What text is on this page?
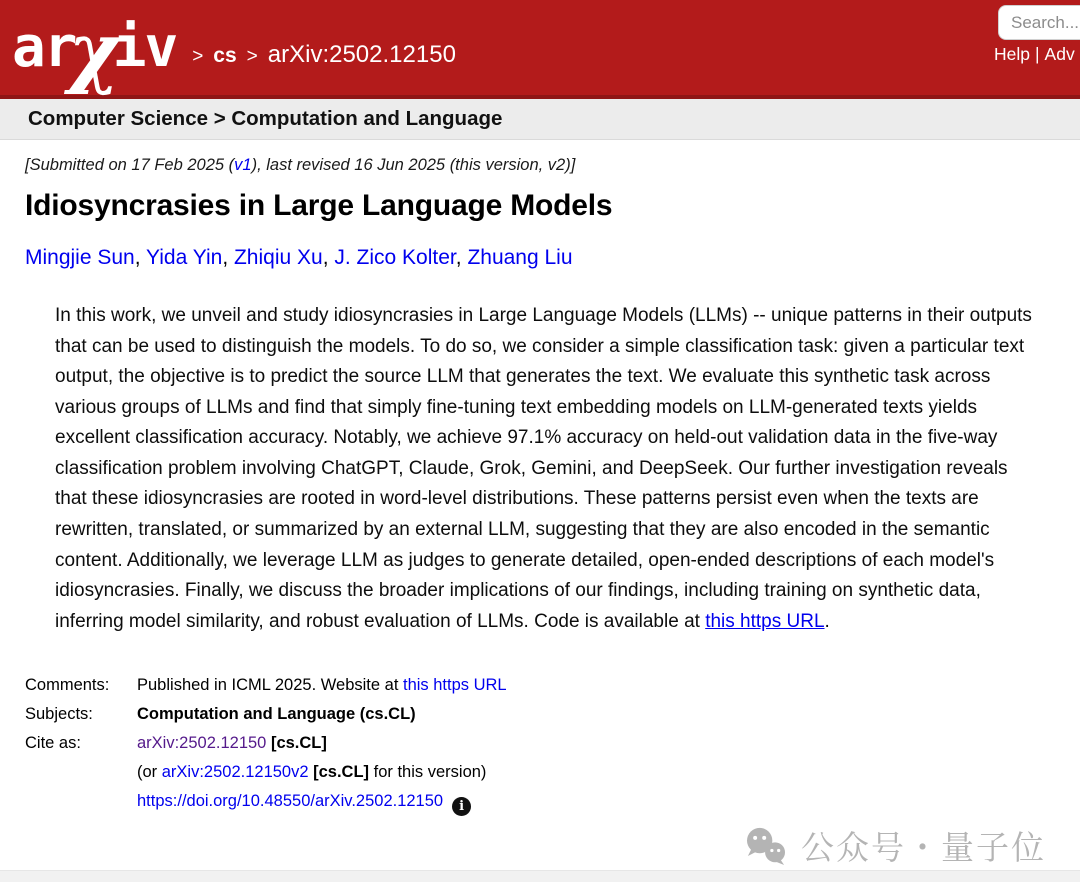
ar
χ
iv > cs > arXiv:2502.12150
Search...	Help | Adv
Computer Science > Computation and Language
[Submitted on 17 Feb 2025 (v1), last revised 16 Jun 2025 (this version, v2)]
Idiosyncrasies in Large Language Models
Mingjie Sun, Yida Yin, Zhiqiu Xu, J. Zico Kolter, Zhuang Liu
In this work, we unveil and study idiosyncrasies in Large Language Models (LLMs) -- unique patterns in their outputs that can be used to distinguish the models. To do so, we consider a simple classification task: given a particular text output, the objective is to predict the source LLM that generates the text. We evaluate this synthetic task across various groups of LLMs and find that simply fine-tuning text embedding models on LLM-generated texts yields excellent classification accuracy. Notably, we achieve 97.1% accuracy on held-out validation data in the five-way classification problem involving ChatGPT, Claude, Grok, Gemini, and DeepSeek. Our further investigation reveals that these idiosyncrasies are rooted in word-level distributions. These patterns persist even when the texts are rewritten, translated, or summarized by an external LLM, suggesting that they are also encoded in the semantic content. Additionally, we leverage LLM as judges to generate detailed, open-ended descriptions of each model's idiosyncrasies. Finally, we discuss the broader implications of our findings, including training on synthetic data, inferring model similarity, and robust evaluation of LLMs. Code is available at this https URL.
Comments:	Published in ICML 2025. Website at this https URL
Subjects:	Computation and Language (cs.CL)
Cite as:	arXiv:2502.12150 [cs.CL]
(or arXiv:2502.12150v2 [cs.CL] for this version)
https://doi.org/10.48550/arXiv.2502.12150 i
公众号・量子位
